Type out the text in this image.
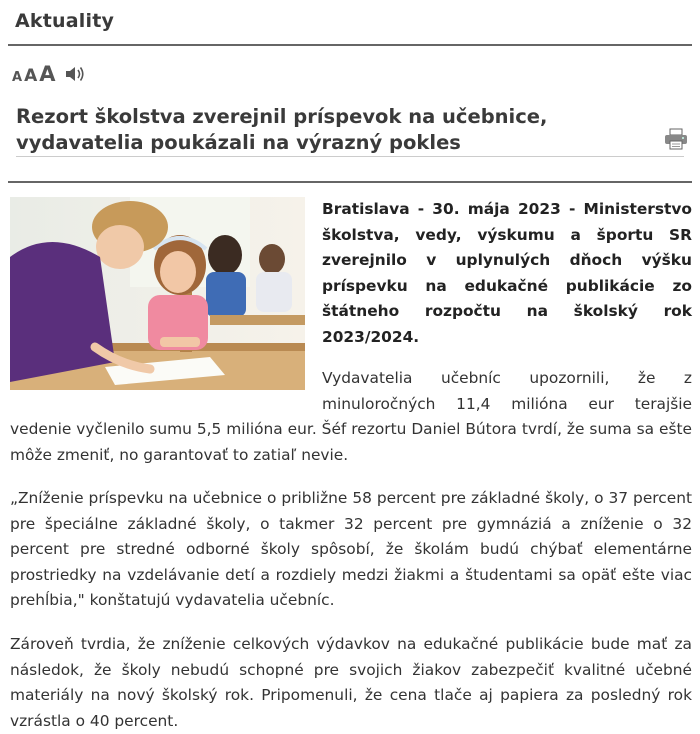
Aktuality
A A A
Rezort školstva zverejnil príspevok na učebnice, vydavatelia poukázali na výrazný pokles

Bratislava - 30. mája 2023 - Ministerstvo školstva, vedy, výskumu a športu SR zverejnilo v uplynulých dňoch výšku príspevku na edukačné publikácie zo štátneho rozpočtu na školský rok 2023/2024.

Vydavatelia učebníc upozornili, že z minuloročných 11,4 milióna eur terajšie

vedenie vyčlenilo sumu 5,5 milióna eur. Šéf rezortu Daniel Bútora tvrdí, že suma sa ešte môže zmeniť, no garantovať to zatiaľ nevie.

„Zníženie príspevku na učebnice o približne 58 percent pre základné školy, o 37 percent pre špeciálne základné školy, o takmer 32 percent pre gymnáziá a zníženie o 32 percent pre stredné odborné školy spôsobí, že školám budú chýbať elementárne prostriedky na vzdelávanie detí a rozdiely medzi žiakmi a študentami sa opäť ešte viac prehĺbia," konštatujú vydavatelia učebníc.

Zároveň tvrdia, že zníženie celkových výdavkov na edukačné publikácie bude mať za následok, že školy nebudú schopné pre svojich žiakov zabezpečiť kvalitné učebné materiály na nový školský rok. Pripomenuli, že cena tlače aj papiera za posledný rok vzrástla o 40 percent.
